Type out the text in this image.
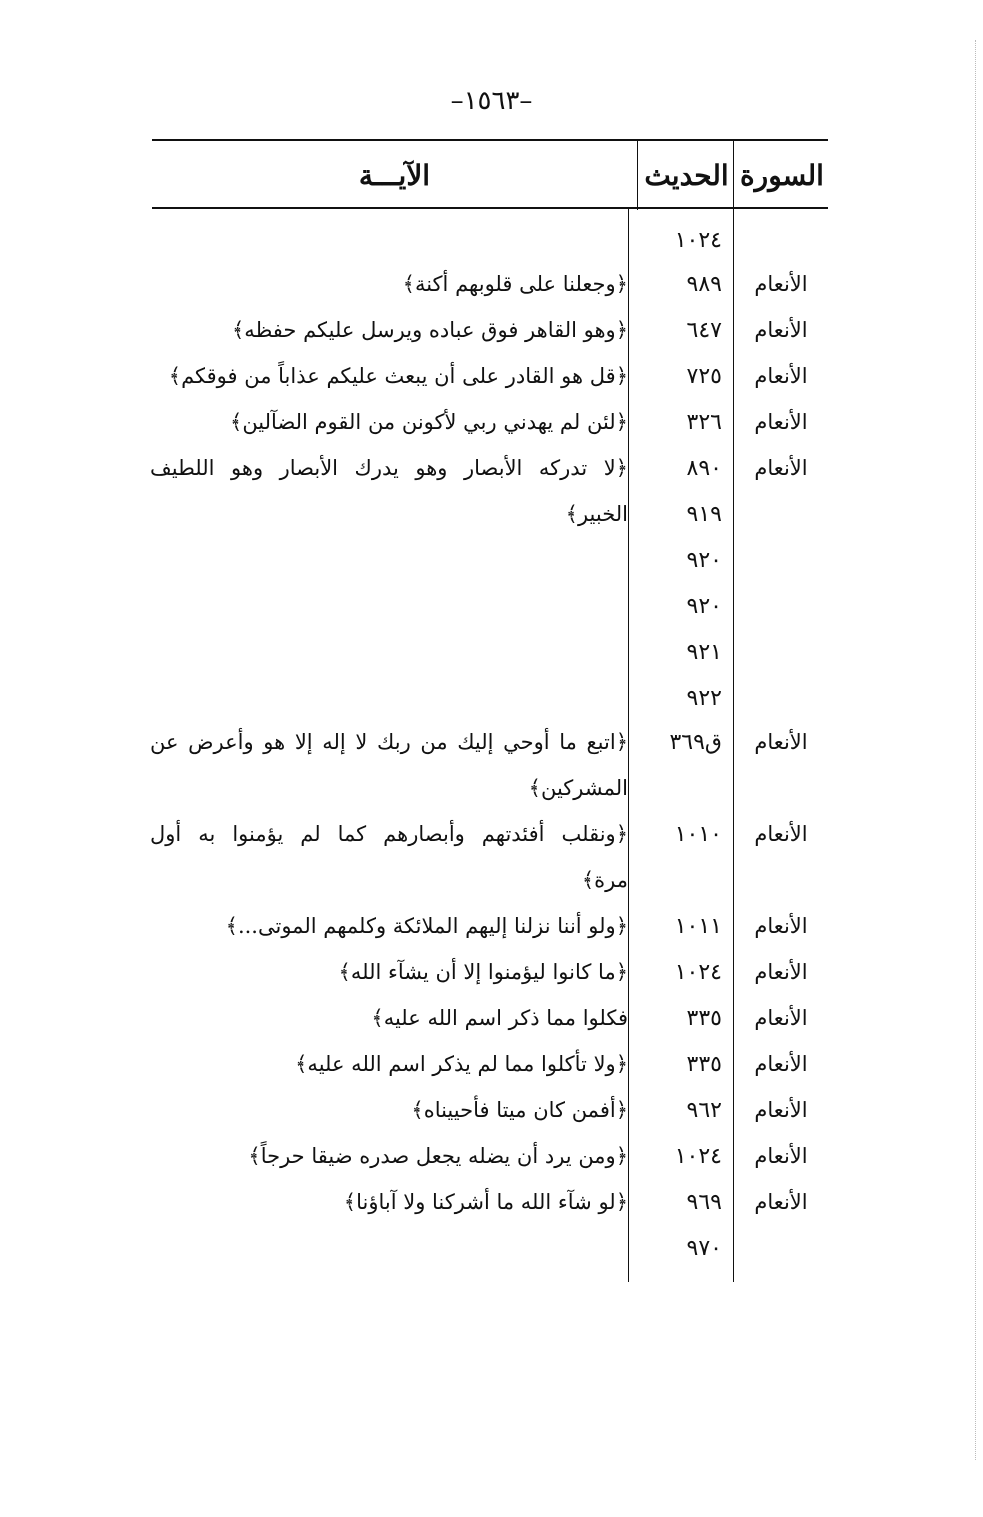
–١٥٦٣–
السورة
الحديث
الآيـــة
١٠٢٤
الأنعام
٩٨٩
﴿وجعلنا على قلوبهم أكنة﴾
الأنعام
٦٤٧
﴿وهو القاهر فوق عباده ويرسل عليكم حفظه﴾
الأنعام
٧٢٥
﴿قل هو القادر على أن يبعث عليكم عذاباً من فوقكم﴾
الأنعام
٣٢٦
﴿لئن لم يهدني ربي لأكونن من القوم الضآلين﴾
الأنعام
٨٩٠
﴿لا تدركه الأبصار وهو يدرك الأبصار وهو اللطيف
٩١٩
الخبير﴾
٩٢٠
٩٢٠
٩٢١
٩٢٢
الأنعام
ق٣٦٩
﴿اتبع ما أوحي إليك من ربك لا إله إلا هو وأعرض عن
المشركين﴾
الأنعام
١٠١٠
﴿ونقلب أفئدتهم وأبصارهم كما لم يؤمنوا به أول
مرة﴾
الأنعام
١٠١١
﴿ولو أننا نزلنا إليهم الملائكة وكلمهم الموتى...﴾
الأنعام
١٠٢٤
﴿ما كانوا ليؤمنوا إلا أن يشآء الله﴾
الأنعام
٣٣٥
فكلوا مما ذكر اسم الله عليه﴾
الأنعام
٣٣٥
﴿ولا تأكلوا مما لم يذكر اسم الله عليه﴾
الأنعام
٩٦٢
﴿أفمن كان ميتا فأحييناه﴾
الأنعام
١٠٢٤
﴿ومن يرد أن يضله يجعل صدره ضيقا حرجاً﴾
الأنعام
٩٦٩
﴿لو شآء الله ما أشركنا ولا آباؤنا﴾
٩٧٠
